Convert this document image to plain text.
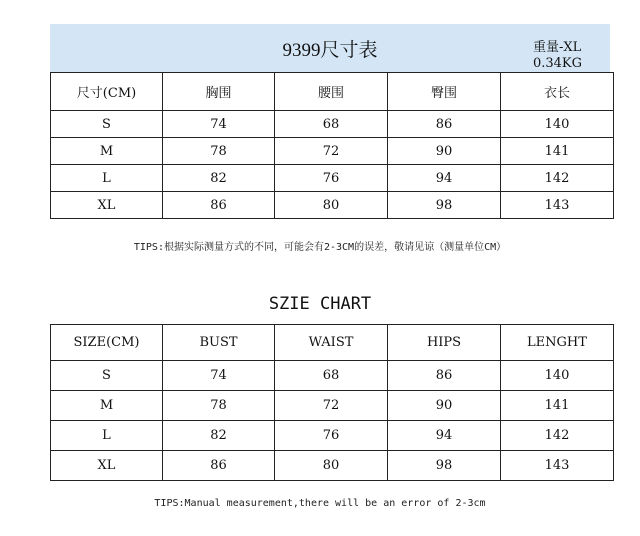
9399尺寸表	重量-XL
0.34KG
尺寸(CM)	胸围	腰围	臀围	衣长
S	74	68	86	140
M	78	72	90	141
L	82	76	94	142
XL	86	80	98	143
TIPS:根据实际测量方式的不同，可能会有2-3CM的误差，敬请见谅（测量单位CM）
SZIE CHART
SIZE(CM)	BUST	WAIST	HIPS	LENGHT
S	74	68	86	140
M	78	72	90	141
L	82	76	94	142
XL	86	80	98	143
TIPS:Manual measurement,there will be an error of 2-3cm
